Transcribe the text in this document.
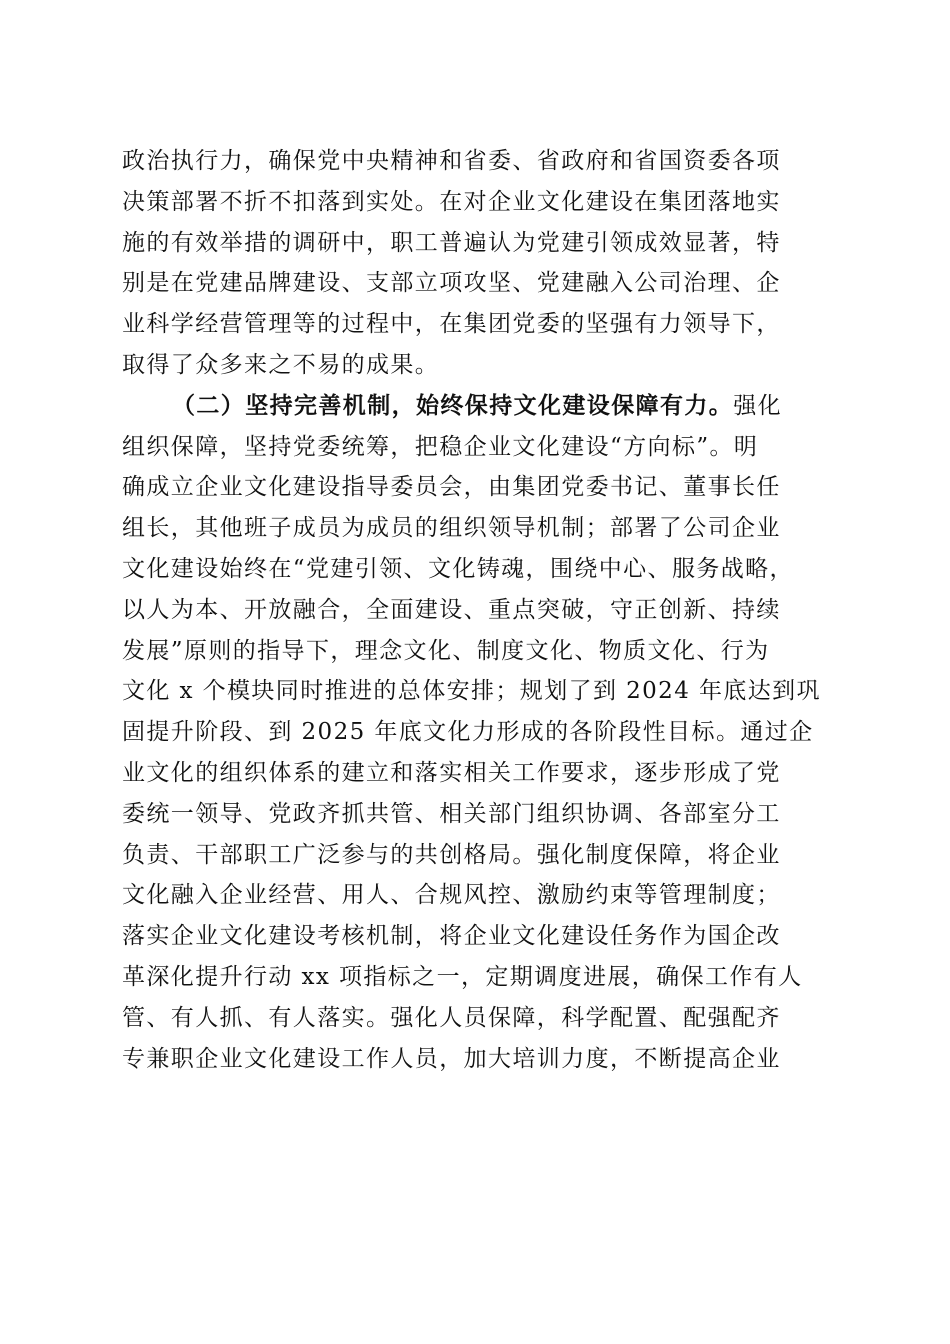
政治执行力，确保党中央精神和省委、省政府和省国资委各项
决策部署不折不扣落到实处。在对企业文化建设在集团落地实
施的有效举措的调研中，职工普遍认为党建引领成效显著，特
别是在党建品牌建设、支部立项攻坚、党建融入公司治理、企
业科学经营管理等的过程中，在集团党委的坚强有力领导下，
取得了众多来之不易的成果。
（二）坚持完善机制，始终保持文化建设保障有力。强化
组织保障，坚持党委统筹，把稳企业文化建设“方向标”。明
确成立企业文化建设指导委员会，由集团党委书记、董事长任
组长，其他班子成员为成员的组织领导机制；部署了公司企业
文化建设始终在“党建引领、文化铸魂，围绕中心、服务战略，
以人为本、开放融合，全面建设、重点突破，守正创新、持续
发展”原则的指导下，理念文化、制度文化、物质文化、行为
文化 x 个模块同时推进的总体安排；规划了到 2024 年底达到巩
固提升阶段、到 2025 年底文化力形成的各阶段性目标。通过企
业文化的组织体系的建立和落实相关工作要求，逐步形成了党
委统一领导、党政齐抓共管、相关部门组织协调、各部室分工
负责、干部职工广泛参与的共创格局。强化制度保障，将企业
文化融入企业经营、用人、合规风控、激励约束等管理制度；
落实企业文化建设考核机制，将企业文化建设任务作为国企改
革深化提升行动 xx 项指标之一，定期调度进展，确保工作有人
管、有人抓、有人落实。强化人员保障，科学配置、配强配齐
专兼职企业文化建设工作人员，加大培训力度，不断提高企业
